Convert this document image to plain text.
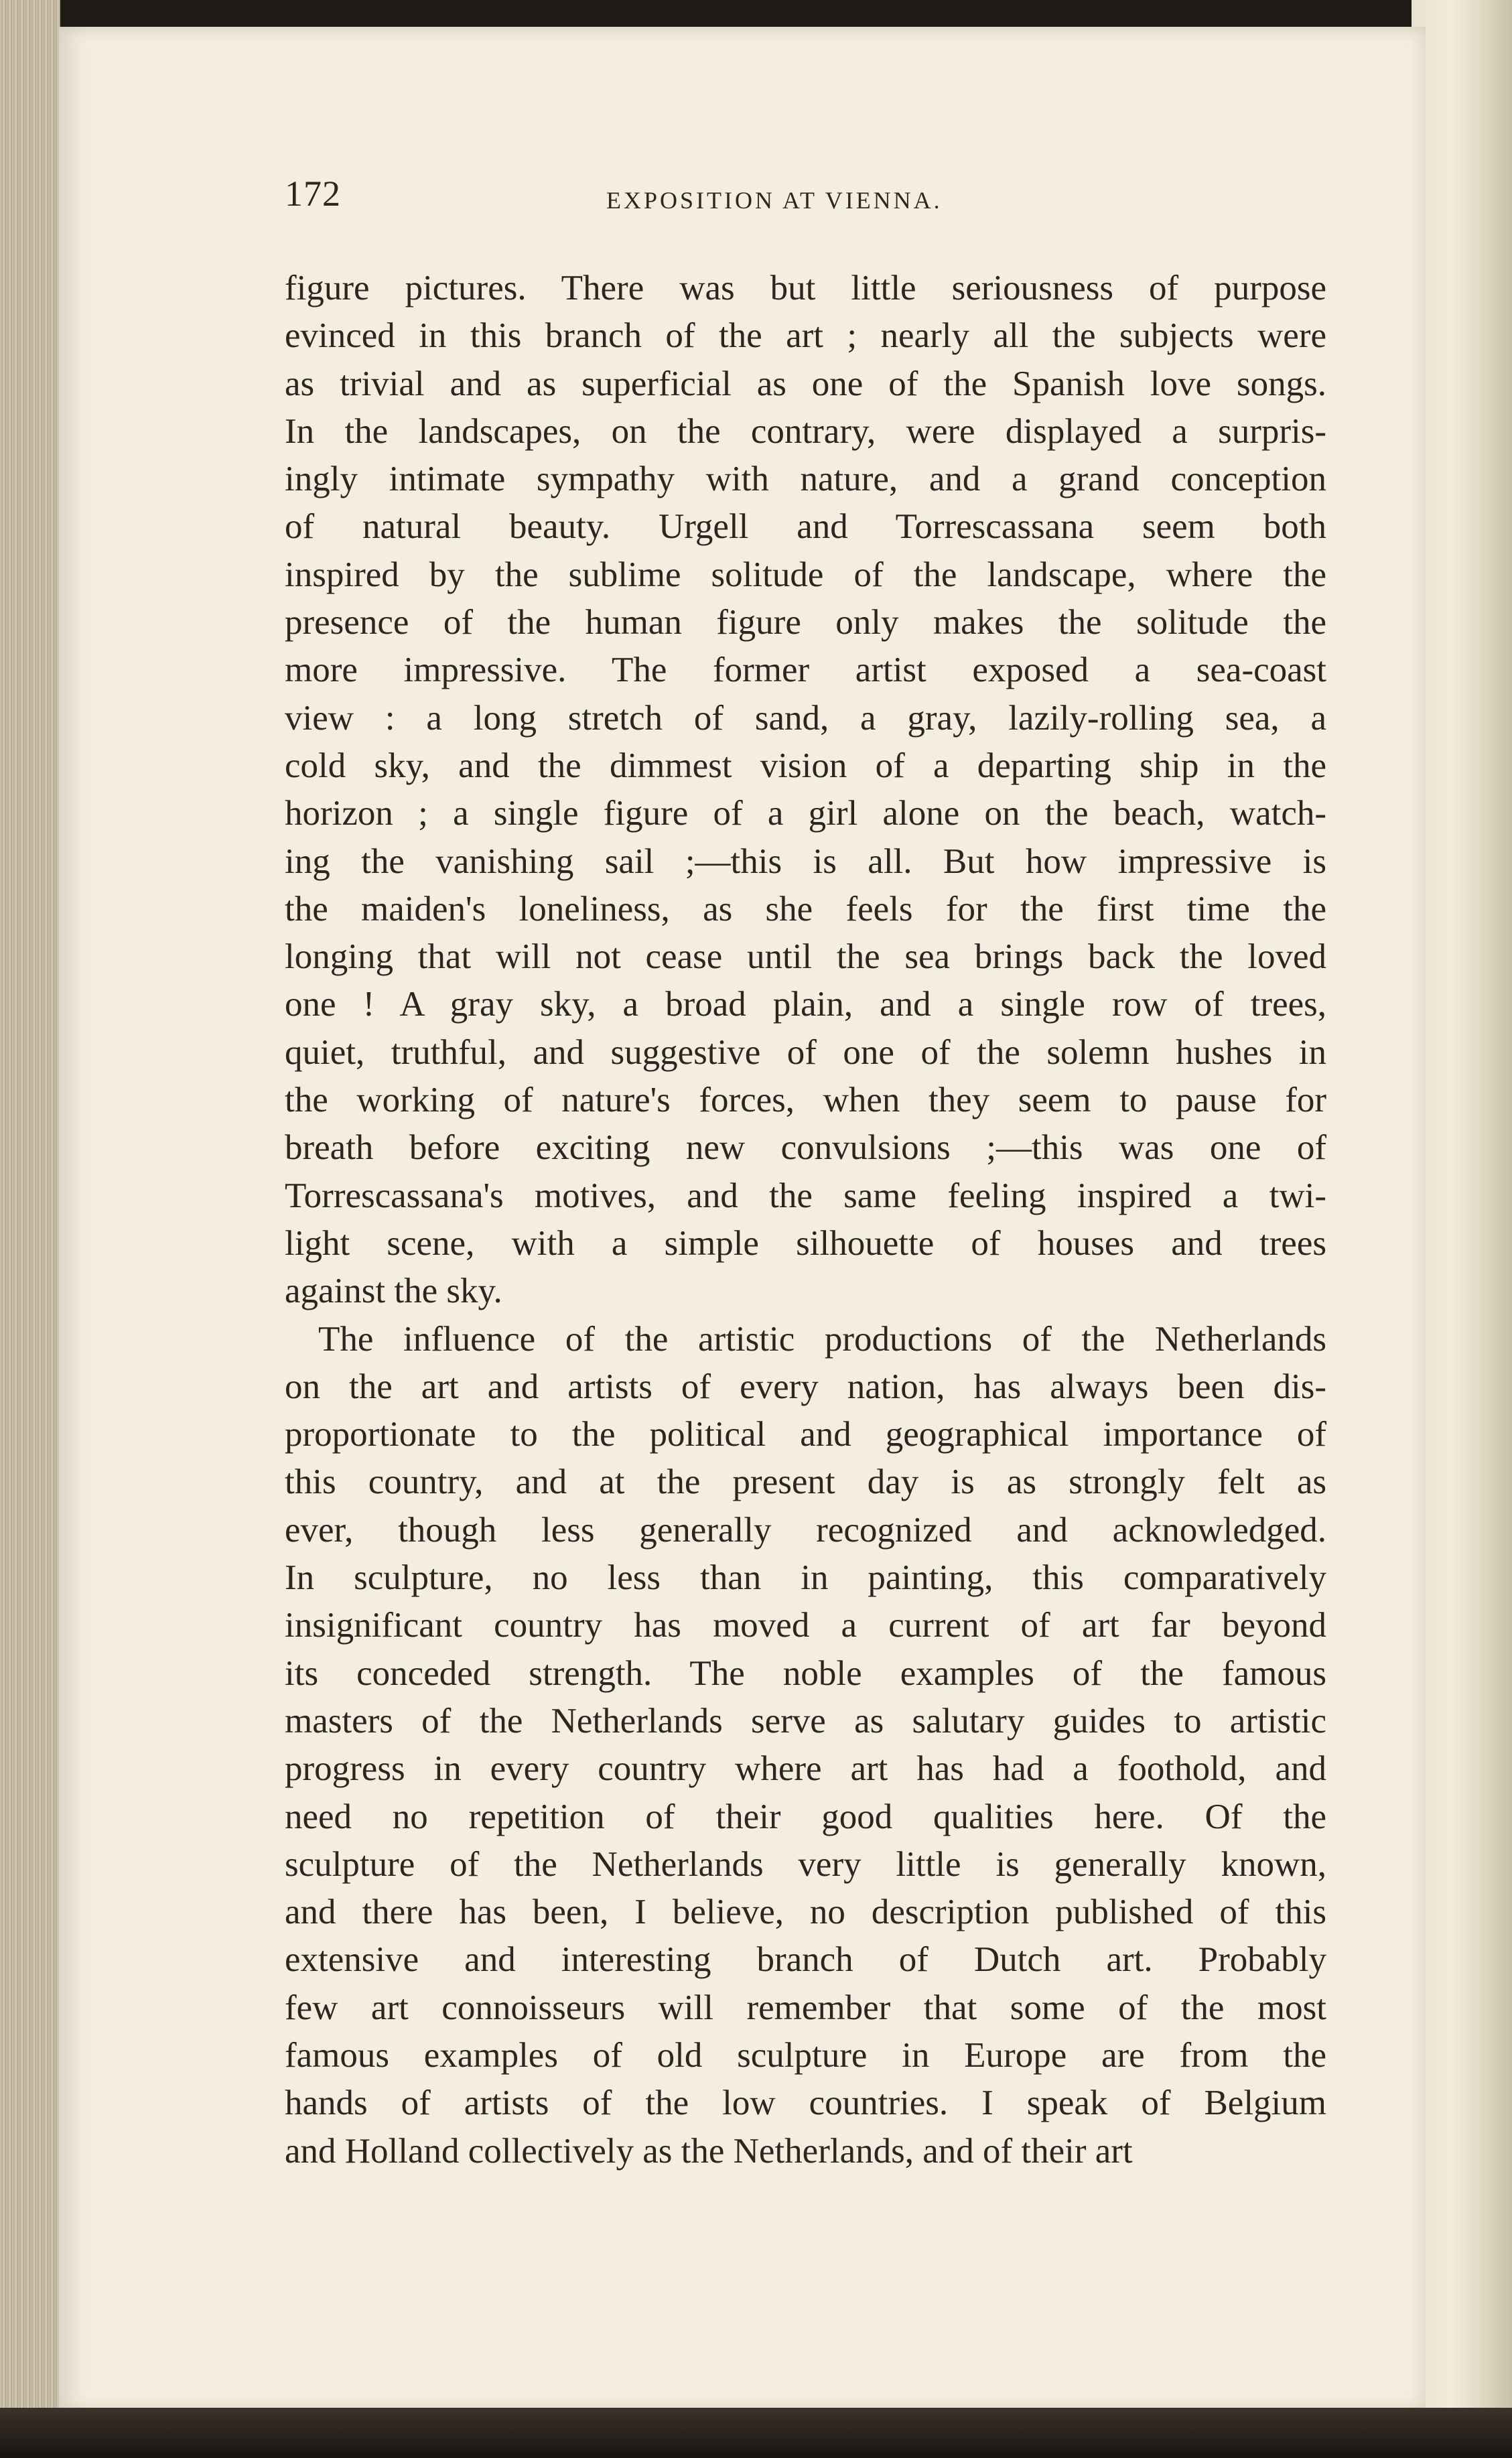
172	EXPOSITION AT VIENNA.
figure pictures. There was but little seriousness of purpose
evinced in this branch of the art ; nearly all the subjects were
as trivial and as superficial as one of the Spanish love songs.
In the landscapes, on the contrary, were displayed a surpris-
ingly intimate sympathy with nature, and a grand conception
of natural beauty. Urgell and Torrescassana seem both
inspired by the sublime solitude of the landscape, where the
presence of the human figure only makes the solitude the
more impressive. The former artist exposed a sea-coast
view : a long stretch of sand, a gray, lazily-rolling sea, a
cold sky, and the dimmest vision of a departing ship in the
horizon ; a single figure of a girl alone on the beach, watch-
ing the vanishing sail ;—this is all. But how impressive is
the maiden's loneliness, as she feels for the first time the
longing that will not cease until the sea brings back the loved
one ! A gray sky, a broad plain, and a single row of trees,
quiet, truthful, and suggestive of one of the solemn hushes in
the working of nature's forces, when they seem to pause for
breath before exciting new convulsions ;—this was one of
Torrescassana's motives, and the same feeling inspired a twi-
light scene, with a simple silhouette of houses and trees
against the sky.
The influence of the artistic productions of the Netherlands
on the art and artists of every nation, has always been dis-
proportionate to the political and geographical importance of
this country, and at the present day is as strongly felt as
ever, though less generally recognized and acknowledged.
In sculpture, no less than in painting, this comparatively
insignificant country has moved a current of art far beyond
its conceded strength. The noble examples of the famous
masters of the Netherlands serve as salutary guides to artistic
progress in every country where art has had a foothold, and
need no repetition of their good qualities here. Of the
sculpture of the Netherlands very little is generally known,
and there has been, I believe, no description published of this
extensive and interesting branch of Dutch art. Probably
few art connoisseurs will remember that some of the most
famous examples of old sculpture in Europe are from the
hands of artists of the low countries. I speak of Belgium
and Holland collectively as the Netherlands, and of their art
